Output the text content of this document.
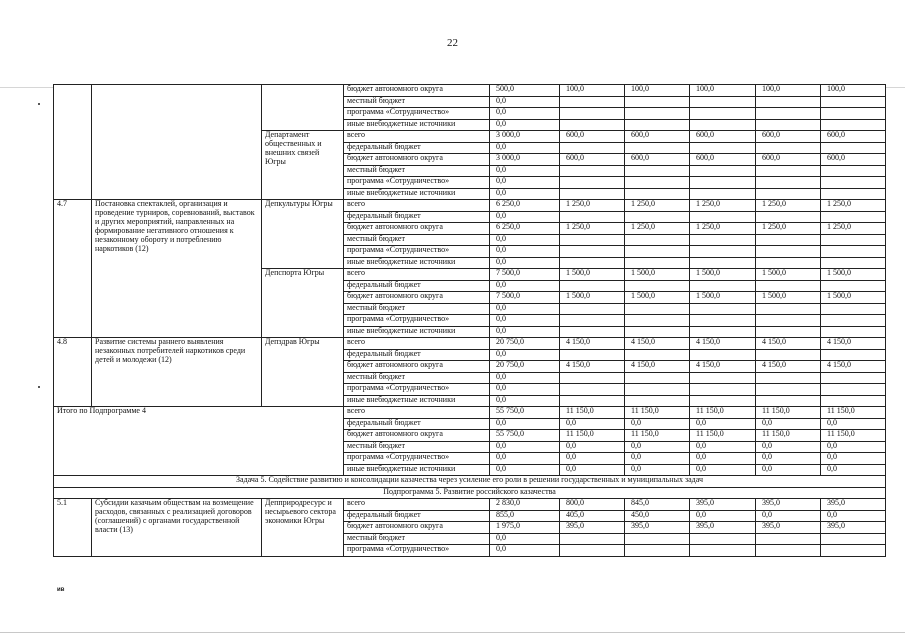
22
			бюджет автономного округа	500,0	100,0	100,0	100,0	100,0	100,0
			местный бюджет	0,0					
			программа «Сотрудничество»	0,0					
			иные внебюджетные источники	0,0					
		Департамент общественных и внешних связей Югры	всего	3 000,0	600,0	600,0	600,0	600,0	600,0
			федеральный бюджет	0,0					
			бюджет автономного округа	3 000,0	600,0	600,0	600,0	600,0	600,0
			местный бюджет	0,0					
			программа «Сотрудничество»	0,0					
			иные внебюджетные источники	0,0					
4.7	Постановка спектаклей, организация и проведение турниров, соревнований, выставок и других мероприятий, направленных на формирование негативного отношения к незаконному обороту и потреблению наркотиков (12)	Депкультуры Югры	всего	6 250,0	1 250,0	1 250,0	1 250,0	1 250,0	1 250,0
			федеральный бюджет	0,0					
			бюджет автономного округа	6 250,0	1 250,0	1 250,0	1 250,0	1 250,0	1 250,0
			местный бюджет	0,0					
			программа «Сотрудничество»	0,0					
			иные внебюджетные источники	0,0					
		Депспорта Югры	всего	7 500,0	1 500,0	1 500,0	1 500,0	1 500,0	1 500,0
			федеральный бюджет	0,0					
			бюджет автономного округа	7 500,0	1 500,0	1 500,0	1 500,0	1 500,0	1 500,0
			местный бюджет	0,0					
			программа «Сотрудничество»	0,0					
			иные внебюджетные источники	0,0					
4.8	Развитие системы раннего выявления незаконных потребителей наркотиков среди детей и молодежи (12)	Депздрав Югры	всего	20 750,0	4 150,0	4 150,0	4 150,0	4 150,0	4 150,0
			федеральный бюджет	0,0					
			бюджет автономного округа	20 750,0	4 150,0	4 150,0	4 150,0	4 150,0	4 150,0
			местный бюджет	0,0					
			программа «Сотрудничество»	0,0					
			иные внебюджетные источники	0,0					
Итого по Подпрограмме 4			всего	55 750,0	11 150,0	11 150,0	11 150,0	11 150,0	11 150,0
			федеральный бюджет	0,0	0,0	0,0	0,0	0,0	0,0
			бюджет автономного округа	55 750,0	11 150,0	11 150,0	11 150,0	11 150,0	11 150,0
			местный бюджет	0,0	0,0	0,0	0,0	0,0	0,0
			программа «Сотрудничество»	0,0	0,0	0,0	0,0	0,0	0,0
			иные внебюджетные источники	0,0	0,0	0,0	0,0	0,0	0,0
Задача 5. Содействие развитию и консолидации казачества через усиление его роли в решении государственных и муниципальных задач									
Подпрограмма 5. Развитие российского казачества									
5.1	Субсидии казачьим обществам на возмещение расходов, связанных с реализацией договоров (соглашений) с органами государственной власти (13)	Депприродресурс и несырьевого сектора экономики Югры	всего	2 830,0	800,0	845,0	395,0	395,0	395,0
			федеральный бюджет	855,0	405,0	450,0	0,0	0,0	0,0
			бюджет автономного округа	1 975,0	395,0	395,0	395,0	395,0	395,0
			местный бюджет	0,0					
			программа «Сотрудничество»	0,0					
ив
